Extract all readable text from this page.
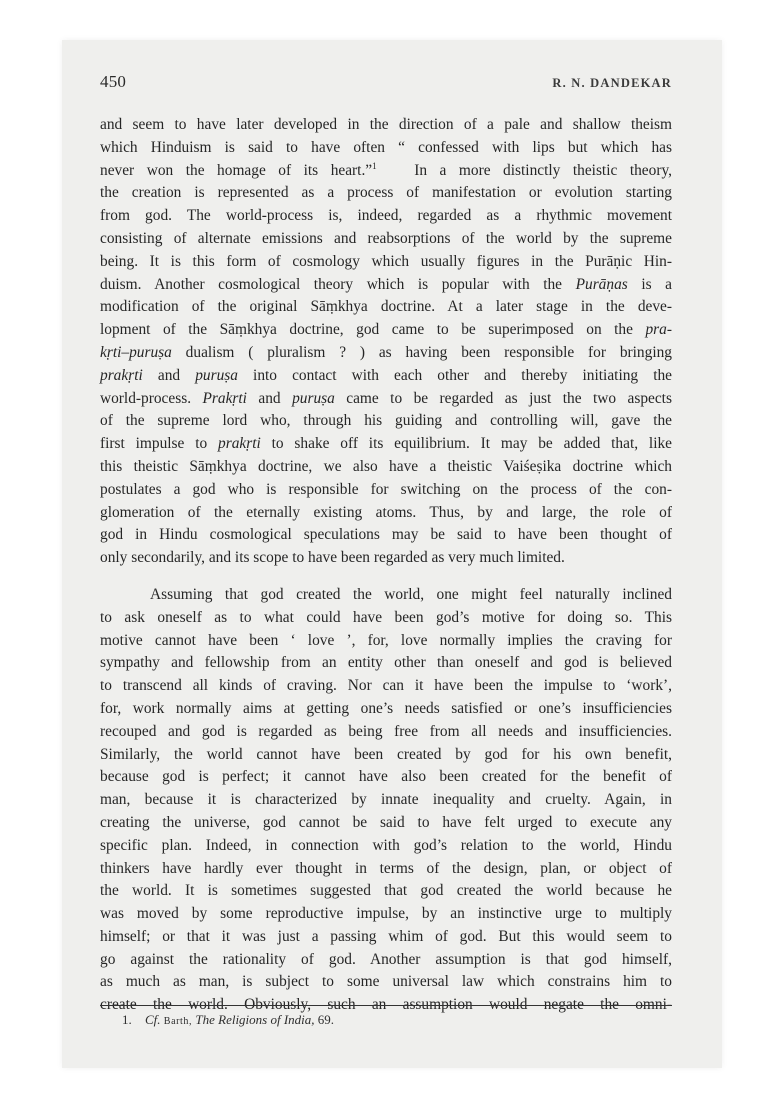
450	R. N. DANDEKAR
and seem to have later developed in the direction of a pale and shallow theism
which Hinduism is said to have often “ confessed with lips but which has
never won the homage of its heart.”$^1$ In a more distinctly theistic theory,
the creation is represented as a process of manifestation or evolution starting
from god. The world-process is, indeed, regarded as a rhythmic movement
consisting of alternate emissions and reabsorptions of the world by the supreme
being. It is this form of cosmology which usually figures in the Purāṇic Hin-
duism. Another cosmological theory which is popular with the Purāṇas is a
modification of the original Sāṃkhya doctrine. At a later stage in the deve-
lopment of the Sāṃkhya doctrine, god came to be superimposed on the pra-
kṛti–puruṣa dualism ( pluralism ? ) as having been responsible for bringing
prakṛti and puruṣa into contact with each other and thereby initiating the
world-process. Prakṛti and puruṣa came to be regarded as just the two aspects
of the supreme lord who, through his guiding and controlling will, gave the
first impulse to prakṛti to shake off its equilibrium. It may be added that, like
this theistic Sāṃkhya doctrine, we also have a theistic Vaiśeṣika doctrine which
postulates a god who is responsible for switching on the process of the con-
glomeration of the eternally existing atoms. Thus, by and large, the role of
god in Hindu cosmological speculations may be said to have been thought of
only secondarily, and its scope to have been regarded as very much limited.
Assuming that god created the world, one might feel naturally inclined
to ask oneself as to what could have been god’s motive for doing so. This
motive cannot have been ‘ love ’, for, love normally implies the craving for
sympathy and fellowship from an entity other than oneself and god is believed
to transcend all kinds of craving. Nor can it have been the impulse to ‘work’,
for, work normally aims at getting one’s needs satisfied or one’s insufficiencies
recouped and god is regarded as being free from all needs and insufficiencies.
Similarly, the world cannot have been created by god for his own benefit,
because god is perfect; it cannot have also been created for the benefit of
man, because it is characterized by innate inequality and cruelty. Again, in
creating the universe, god cannot be said to have felt urged to execute any
specific plan. Indeed, in connection with god’s relation to the world, Hindu
thinkers have hardly ever thought in terms of the design, plan, or object of
the world. It is sometimes suggested that god created the world because he
was moved by some reproductive impulse, by an instinctive urge to multiply
himself; or that it was just a passing whim of god. But this would seem to
go against the rationality of god. Another assumption is that god himself,
as much as man, is subject to some universal law which constrains him to
create the world. Obviously, such an assumption would negate the omni-
1. Cf. Barth, The Religions of India, 69.
